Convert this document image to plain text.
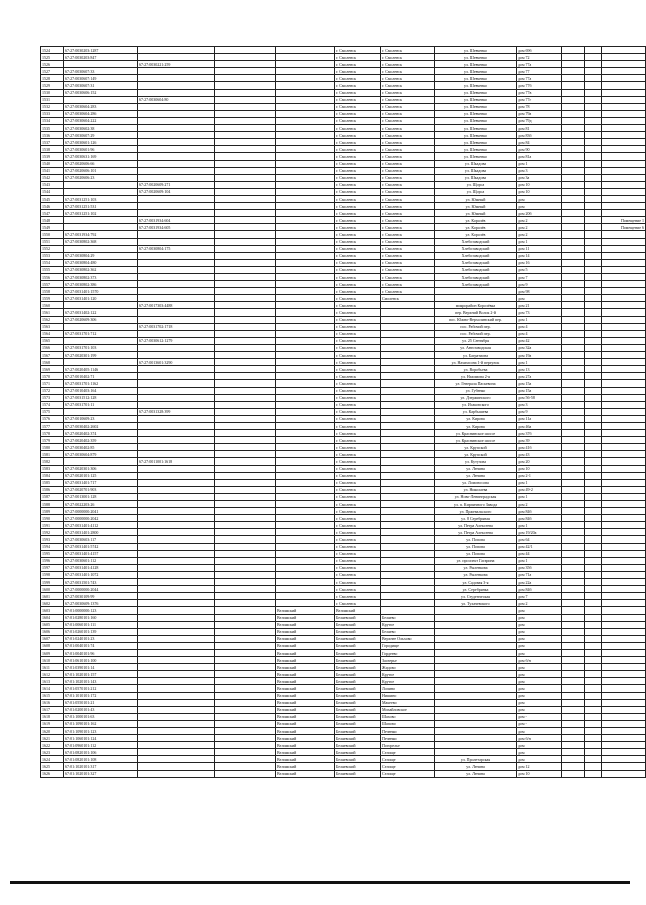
1524	67:27:0030203:1287				г. Смоленск	г. Смоленск	ул. Шевченко	дом 69б			
1525	67:27:0030203:847				г. Смоленск	г. Смоленск	ул. Шевченко	дом 72			
1526		67:27:0030221:259			г. Смоленск	г. Смоленск	ул. Шевченко	дом 77а			
1527	67:27:0030607:33				г. Смоленск	г. Смоленск	ул. Шевченко	дом 77			
1528	67:27:0030607:149				г. Смоленск	г. Смоленск	ул. Шевченко	дом 77а			
1529	67:27:0030607:31				г. Смоленск	г. Смоленск	ул. Шевченко	дом 77б			
1530	67:27:0030606:152				г. Смоленск	г. Смоленск	ул. Шевченко	дом 77в			
1531		67:27:0030604:80			г. Смоленск	г. Смоленск	ул. Шевченко	дом 77г			
1532	67:27:0030604:283				г. Смоленск	г. Смоленск	ул. Шевченко	дом 78			
1533	67:27:0030604:286				г. Смоленск	г. Смоленск	ул. Шевченко	дом 79а			
1534	67:27:0030604:222				г. Смоленск	г. Смоленск	ул. Шевченко	дом 79д			
1535	67:27:0030602:38				г. Смоленск	г. Смоленск	ул. Шевченко	дом 81			
1536	67:27:0030607:29				г. Смоленск	г. Смоленск	ул. Шевченко	дом 83б			
1537	67:27:0030601:126				г. Смоленск	г. Смоленск	ул. Шевченко	дом 84			
1538	67:27:0030601:96				г. Смоленск	г. Смоленск	ул. Шевченко	дом 90			
1539	67:27:0030631:169				г. Смоленск	г. Смоленск	ул. Шевченко	дом 81а			
1540	67:27:0020606:66				г. Смоленск	г. Смоленск	ул. Шкадова	дом 1			
1541	67:27:0020606:101				г. Смоленск	г. Смоленск	ул. Шкадова	дом 3			
1542	67:27:0020606:23				г. Смоленск	г. Смоленск	ул. Шкадова	дом 3а			
1543		67:27:0020609:271			г. Смоленск	г. Смоленск	ул. Щорса	дом 10			
1544		67:27:0020609:104			г. Смоленск	г. Смоленск	ул. Щорса	дом 10			
1545	67:27:0031251:103				г. Смоленск	г. Смоленск	ул. Южный	дом			
1546	67:27:0031251:531				г. Смоленск	г. Смоленск	ул. Южный	дом			
1547	67:27:0031251:102				г. Смоленск	г. Смоленск	ул. Южный	дом 20б			
1548		67:27:0031934:604			г. Смоленск	г. Смоленск	ул. Королёв	дом 2			Помещение 1
1549		67:27:0031934:605			г. Смоленск	г. Смоленск	ул. Королёв	дом 2			Помещение 6
1550	67:27:0031934:792				г. Смоленск	г. Смоленск	ул. Королёв	дом 2			
1551	67:27:0030802:368				г. Смоленск	г. Смоленск	Хлебозаводский	дом 1			
1552		67:27:0030804:175			г. Смоленск	г. Смоленск	Хлебозаводский	дом 11			
1553	67:27:0030804:29				г. Смоленск	г. Смоленск	Хлебозаводский	дом 14			
1554	67:27:0030804:480				г. Смоленск	г. Смоленск	Хлебозаводский	дом 16			
1555	67:27:0030802:362				г. Смоленск	г. Смоленск	Хлебозаводский	дом 5			
1556	67:27:0030802:373				г. Смоленск	г. Смоленск	Хлебозаводский	дом 7			
1557	67:27:0030802:386				г. Смоленск	г. Смоленск	Хлебозаводский	дом 9			
1558	67:27:0031401:1570				г. Смоленск	г. Смоленск		дом 98			
1559	67:27:0031401:120				г. Смоленск	Смоленск		дом			
1560		67:27:0017303:4488			г. Смоленск		микрорайон Королёвка	дом 21			
1561	67:27:0031402:122				г. Смоленск		пер. Верхний Волок 2-й	дом 73			
1562	67:27:0020609:306				г. Смоленск		пос. Южно-Верхолинский пер.	дом 1			
1563		67:27:0031702:1718			г. Смоленск		пос. Рабочий пер.	дом 4			
1564	67:27:0031701:712				г. Смоленск		пос. Рабочий пер.	дом 4			
1565		67:27:0030612:1279			г. Смоленск		ул. 25 Сентября	дом 42			
1566	67:27:0031701:103				г. Смоленск		ул. Автозаводская	дом 32а			
1567	67:27:0020301:199				г. Смоленск		ул. Багратиона	дом 19а			
1568		67:27:0013601:3290			г. Смоленск		ул. Нахимсона 1-й переулок	дом 1			
1569	67:27:0020405:1146				г. Смоленск		ул. Воробьева	дом 13			
1570	67:27:0010402:71				г. Смоленск		ул. Нахимова 2-я	дом 27а			
1571	67:27:0031701:1162				г. Смоленск		ул. Генерала Паскевича	дом 15а			
1572	67:27:0010403:164				г. Смоленск		ул. Губенко	дом 15а			
1573	67:27:0031512:128				г. Смоленск		ул. Дзержинского	дом 56-58			
1574	67:27:0031701:11				г. Смоленск		ул. Исаковского	дом 3			
1575		67:27:0031328:399			г. Смоленск		ул. Карбышева	дом 9			
1576	67:27:0010609:23				г. Смоленск		ул. Кирова	дом 11а			
1577	67:27:0030402:2602				г. Смоленск		ул. Кирова	дом 46а			
1578	67:27:0020402:374				г. Смоленск		ул. Краснинское шоссе	дом 37б			
1579	67:27:0020402:359				г. Смоленск		ул. Краснинское шоссе	дом 39			
1580	67:27:0030402:85				г. Смоленск		ул. Крупской	дом 41б			
1581	67:27:0030604:879				г. Смоленск		ул. Крупской	дом 43			
1582		67:27:0011001:1618			г. Смоленск		ул. Кутузова	дом 20			
1583	67:27:0020301:306				г. Смоленск		ул. Ленина	дом 10			
1584	67:27:0020101:125				г. Смоленск		ул. Ленина	дом 2-1			
1585	67:27:0031401:717				г. Смоленск		ул. Ломоносова	дом 1			
1586	67:27:0020701:903				г. Смоленск		ул. Николаева	дом 49-2			
1587	67:27:0013001:128				г. Смоленск		ул. Ново-Ленинградская	дом 1			
1588	67:27:0022203:26				г. Смоленск		ул. п. Кирпичного Завода	дом 2			
1589	67:27:0000000:2041				г. Смоленск		ул. Пржевальского	дом 84б			
1590	67:27:0000000:2042				г. Смоленск		ул. 8 Серебряная	дом 84б			
1591	67:27:0031401:4112				г. Смоленск		ул. Петра Алексеева	дом 1			
1592	67:27:0031401:2800				г. Смоленск		ул. Петра Алексеева	дом 19/20а			
1593	67:27:0030603:117				г. Смоленск		ул. Попова	дом 64			
1594	67:27:0031401:5742				г. Смоленск		ул. Попова	дом 42/1			
1595	67:27:0031401:4157				г. Смоленск		ул. Попова	дом 44			
1596	67:27:0030601:112				г. Смоленск		ул. проспект Гагарина	дом 1			
1597	67:27:0031401:4128				г. Смоленск		ул. Рыленкова	дом 35б			
1598	67:27:0031401:1072				г. Смоленск		ул. Рыленкова	дом 71а			
1599	67:27:0031501:743				г. Смоленск		ул. Садовая 3-я	дом 22а			
1600	67:27:0000000:2044				г. Смоленск		ул. Серебрянка	дом 84б			
1601	67:27:0030109:99				г. Смоленск		ул. Студенческая	дом 7			
1602	67:27:0030609:1376				г. Смоленск		ул. Тухачевского	дом 2			
1603	67:01:0000000:123			Велижский	Велижский			дом			
1604	67:01:0280101:160			Велижский	Беляевский	Беляево		дом			
1605	67:01:0060101:111			Велижский	Беляевский	Крутое		дом			
1606	67:01:0260101:139			Велижский	Беляевский	Беляево		дом			
1607	67:01:0240101:23			Велижский	Беляевский	Верхнее Ольхово		дом			
1608	67:01:0040101:74			Велижский	Беляевский	Городище		дом			
1609	67:01:0040101:96			Велижский	Беляевский	Гордеево		дом			
1610	67:01:0610101:100			Велижский	Беляевский	Заозерье		дом б/н			
1611	67:01:0390101:14			Велижский	Беляевский	Жидово		дом			
1612	67:01:1020101:157			Велижский	Беляевский	Крутое		дом			
1613	67:01:1020101:143			Велижский	Беляевский	Крутое		дом			
1614	67:01:0570101:212			Велижский	Беляевский	Лопино		дом			
1615	67:01:1010101:172			Велижский	Беляевский	Нишино		дом			
1616	67:01:0550101:21			Велижский	Беляевский	Макеево		дом			
1617	67:01:0200101:43			Велижский	Беляевский	Михайловское		дом			
1618	67:01:1000101:63			Велижский	Беляевский	Шахово		дом -			
1619	67:01:1090101:162			Велижский	Беляевский	Шапово		дом -			
1620	67:01:1090101:123			Велижский	Беляевский	Печенки		дом			
1621	67:01:1060101:124			Велижский	Беляевский	Печенки		дом б/н			
1622	67:01:0960101:112			Велижский	Беляевский	Погорелье		дом			
1623	67:01:0820101:106			Велижский	Беляевский	Селище		дом			
1624	67:01:0820101:108			Велижский	Беляевский	Селище	ул. Пролетарская	дом			
1625	67:01:1020101:317			Велижский	Беляевский	Селище	ул. Ленина	дом 12			
1626	67:01:1020101:327			Велижский	Беляевский	Селище	ул. Ленина	дом 10			
